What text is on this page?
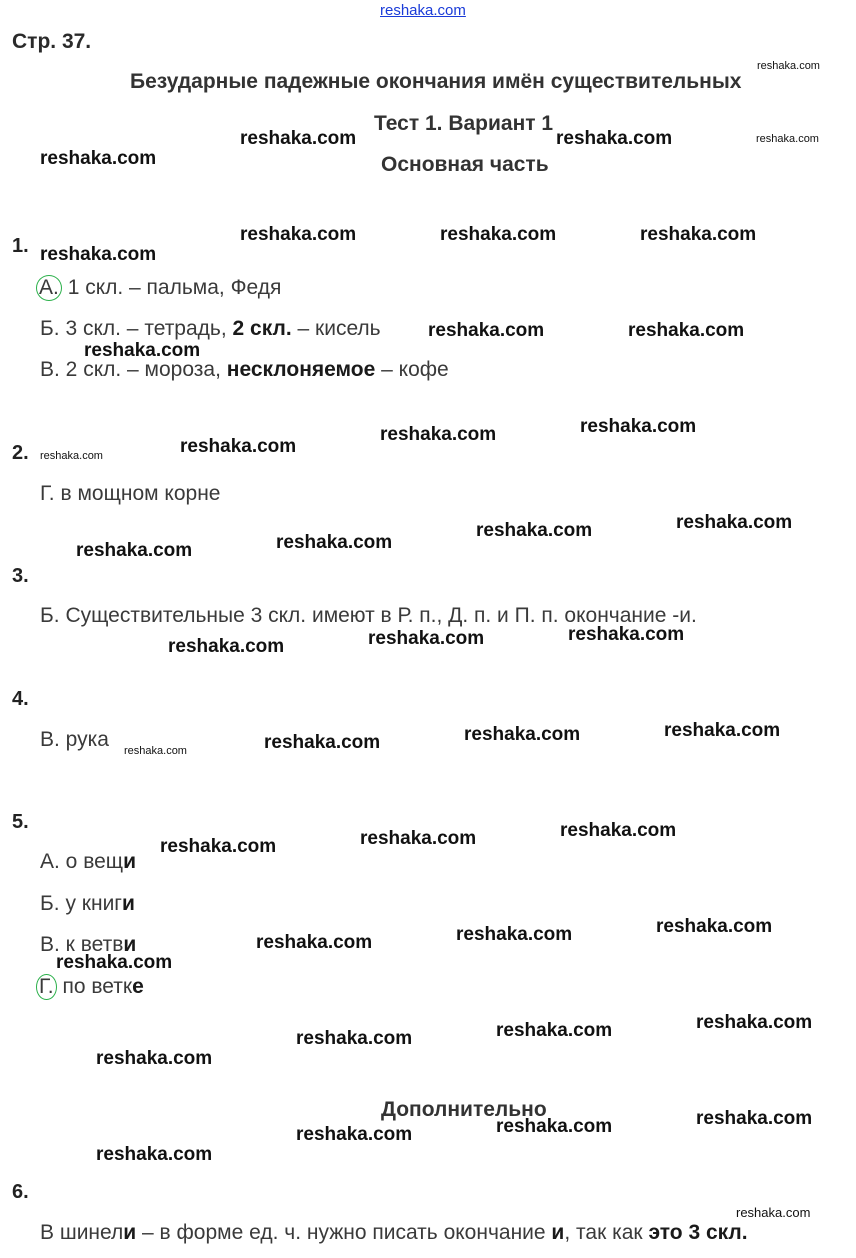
reshaka.com
Стр. 37.
Безударные падежные окончания имён существительных
Тест 1. Вариант 1
Основная часть
Дополнительно
1.
А. 1 скл. – пальма, Федя
Б. 3 скл. – тетрадь, 2 скл. – кисель
В. 2 скл. – мороза, несклоняемое – кофе
2.
Г. в мощном корне
3.
Б. Существительные 3 скл. имеют в Р. п., Д. п. и П. п. окончание -и.
4.
В. рука
5.
А. о вещи
Б. у книги
В. к ветви
Г. по ветке
6.
В шинели – в форме ед. ч. нужно писать окончание и, так как это 3 скл.
reshaka.com
reshaka.com
reshaka.com	reshaka.com
reshaka.com
reshaka.com	reshaka.com	reshaka.com
reshaka.com
reshaka.com	reshaka.com
reshaka.com
reshaka.com
reshaka.com
reshaka.com
reshaka.com
reshaka.com
reshaka.com
reshaka.com
reshaka.com
reshaka.com
reshaka.com
reshaka.com
reshaka.com
reshaka.com
reshaka.com
reshaka.com
reshaka.com
reshaka.com
reshaka.com
reshaka.com
reshaka.com
reshaka.com
reshaka.com
reshaka.com
reshaka.com
reshaka.com
reshaka.com
reshaka.com
reshaka.com
reshaka.com
reshaka.com
reshaka.com
